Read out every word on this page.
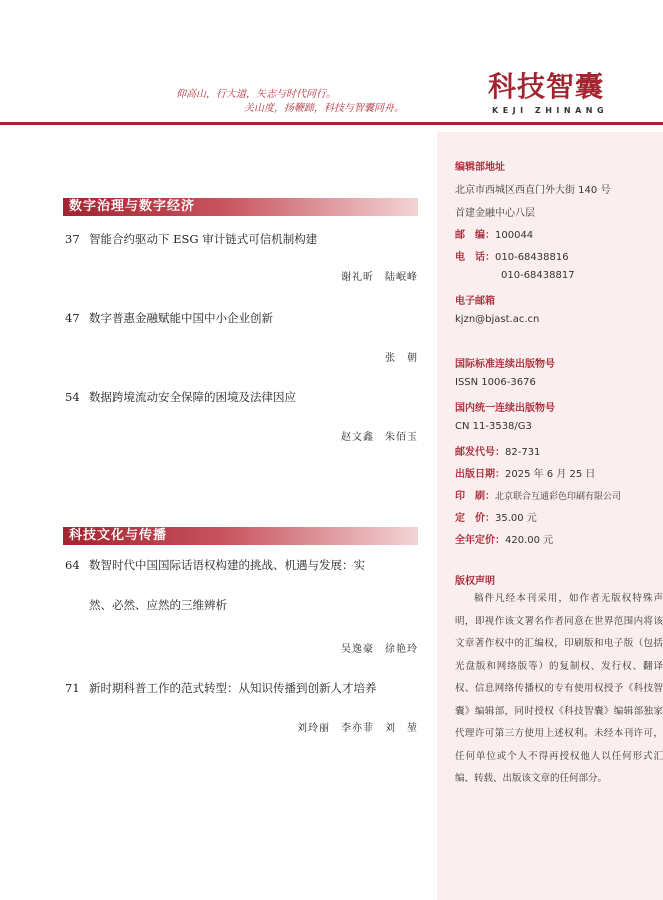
仰高山，行大道，矢志与时代同行。
关山度，扬鞭蹄，科技与智囊同舟。
科技智囊
KEJI ZHINANG
编辑部地址
北京市西城区西直门外大街 140 号
首建金融中心八层
邮　编：100044
电　话：010-68438816
010-68438817
电子邮箱
kjzn@bjast.ac.cn
国际标准连续出版物号
ISSN 1006-3676
国内统一连续出版物号
CN 11-3538/G3
邮发代号：82-731
出版日期：2025 年 6 月 25 日
印　刷：北京联合互通彩色印刷有限公司
定　价：35.00 元
全年定价：420.00 元
版权声明
稿件凡经本刊采用，如作者无版权特殊声明，即视作该文署名作者同意在世界范围内将该文章著作权中的汇编权，印刷版和电子版（包括光盘版和网络版等）的复制权、发行权、翻译权、信息网络传播权的专有使用权授予《科技智囊》编辑部，同时授权《科技智囊》编辑部独家代理许可第三方使用上述权利。未经本刊许可，任何单位或个人不得再授权他人以任何形式汇编、转载、出版该文章的任何部分。
数字治理与数字经济
37 智能合约驱动下 ESG 审计链式可信机制构建
谢礼昕　陆岷峰
47 数字普惠金融赋能中国中小企业创新
张　朝
54 数据跨境流动安全保障的困境及法律因应
赵文鑫　朱佰玉
科技文化与传播
64 数智时代中国国际话语权构建的挑战、机遇与发展：实
然、必然、应然的三维辨析
吴逸豪　徐艳玲
71 新时期科普工作的范式转型：从知识传播到创新人才培养
刘玲丽　李亦菲　刘　堃
